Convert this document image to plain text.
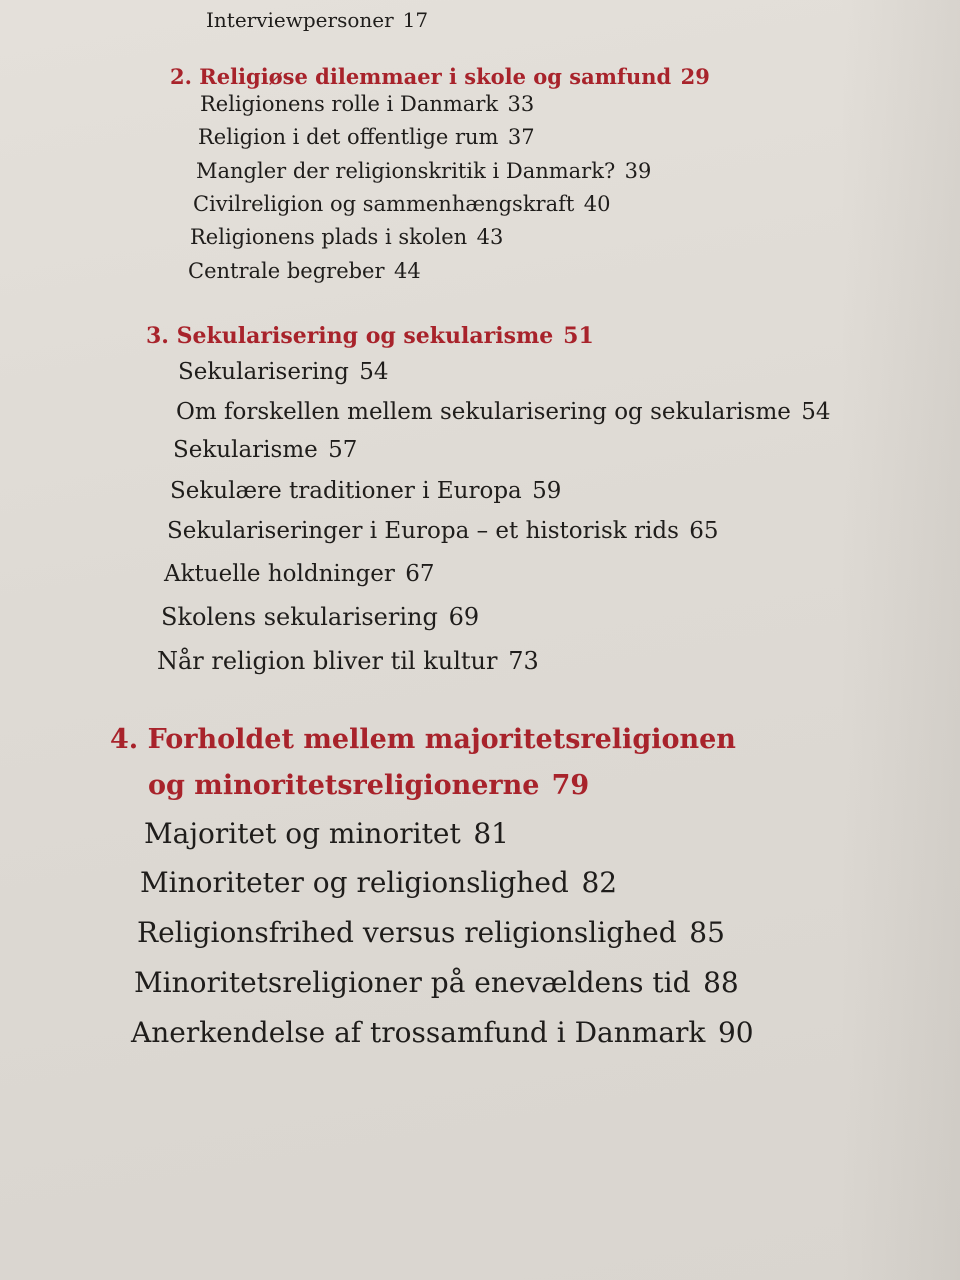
Interviewpersoner 17
2. Religiøse dilemmaer i skole og samfund 29
Religionens rolle i Danmark 33
Religion i det offentlige rum 37
Mangler der religionskritik i Danmark? 39
Civilreligion og sammenhængskraft 40
Religionens plads i skolen 43
Centrale begreber 44
3. Sekularisering og sekularisme 51
Sekularisering 54
Om forskellen mellem sekularisering og sekularisme 54
Sekularisme 57
Sekulære traditioner i Europa 59
Sekulariseringer i Europa – et historisk rids 65
Aktuelle holdninger 67
Skolens sekularisering 69
Når religion bliver til kultur 73
4. Forholdet mellem majoritetsreligionen
og minoritetsreligionerne 79
Majoritet og minoritet 81
Minoriteter og religionslighed 82
Religionsfrihed versus religionslighed 85
Minoritetsreligioner på enevældens tid 88
Anerkendelse af trossamfund i Danmark 90
